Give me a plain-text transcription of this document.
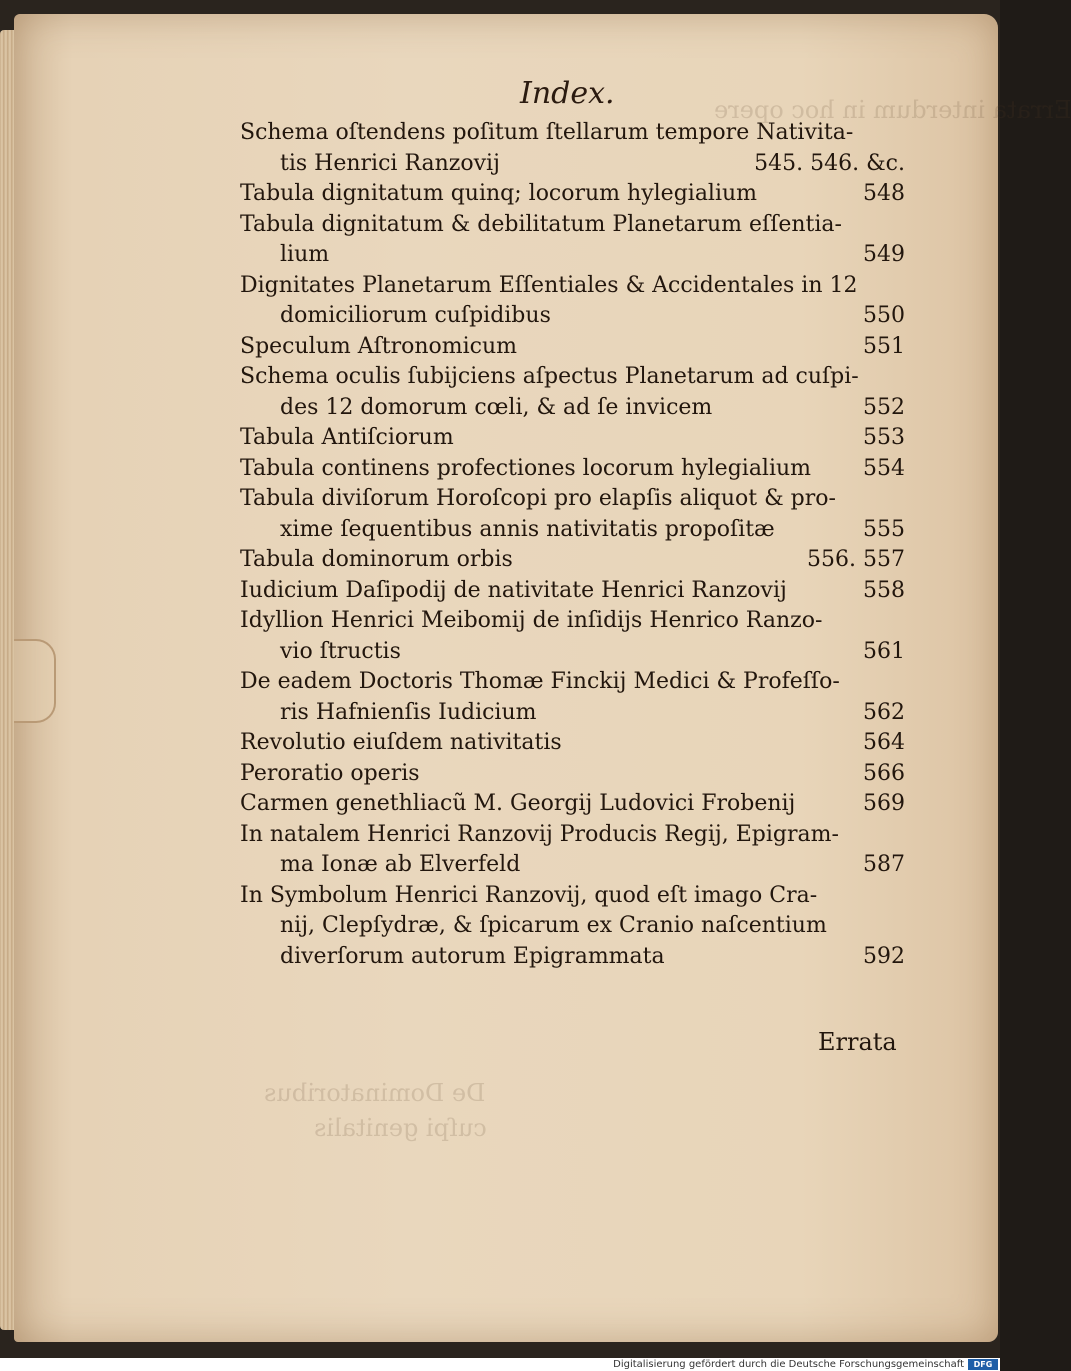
Errata interdum in hoc opere
De Dominatoribus
cuſpi genitalis
Index.
Schema oſtendens poſitum ſtellarum tempore Nativita-
tis Henrici Ranzovij	545. 546. &c.
Tabula dignitatum quinq; locorum hylegialium	548
Tabula dignitatum & debilitatum Planetarum eſſentia-
lium	549
Dignitates Planetarum Eſſentiales & Accidentales in 12
domiciliorum cuſpidibus	550
Speculum Aſtronomicum	551
Schema oculis ſubijciens aſpectus Planetarum ad cuſpi-
des 12 domorum cœli, & ad ſe invicem	552
Tabula Antiſciorum	553
Tabula continens profectiones locorum hylegialium	554
Tabula diviſorum Horoſcopi pro elapſis aliquot & pro-
xime ſequentibus annis nativitatis propoſitæ	555
Tabula dominorum orbis	556. 557
Iudicium Daſipodij de nativitate Henrici Ranzovij	558
Idyllion Henrici Meibomij de inſidijs Henrico Ranzo-
vio ſtructis	561
De eadem Doctoris Thomæ Finckij Medici & Profeſſo-
ris Hafnienſis Iudicium	562
Revolutio eiuſdem nativitatis	564
Peroratio operis	566
Carmen genethliacũ M. Georgij Ludovici Frobenij	569
In natalem Henrici Ranzovij Producis Regij, Epigram-
ma Ionæ ab Elverfeld	587
In Symbolum Henrici Ranzovij, quod eſt imago Cra-
nij, Clepſydræ, & ſpicarum ex Cranio naſcentium
diverſorum autorum Epigrammata	592
Errata
Digitalisierung gefördert durch die Deutsche Forschungsgemeinschaft	DFG
